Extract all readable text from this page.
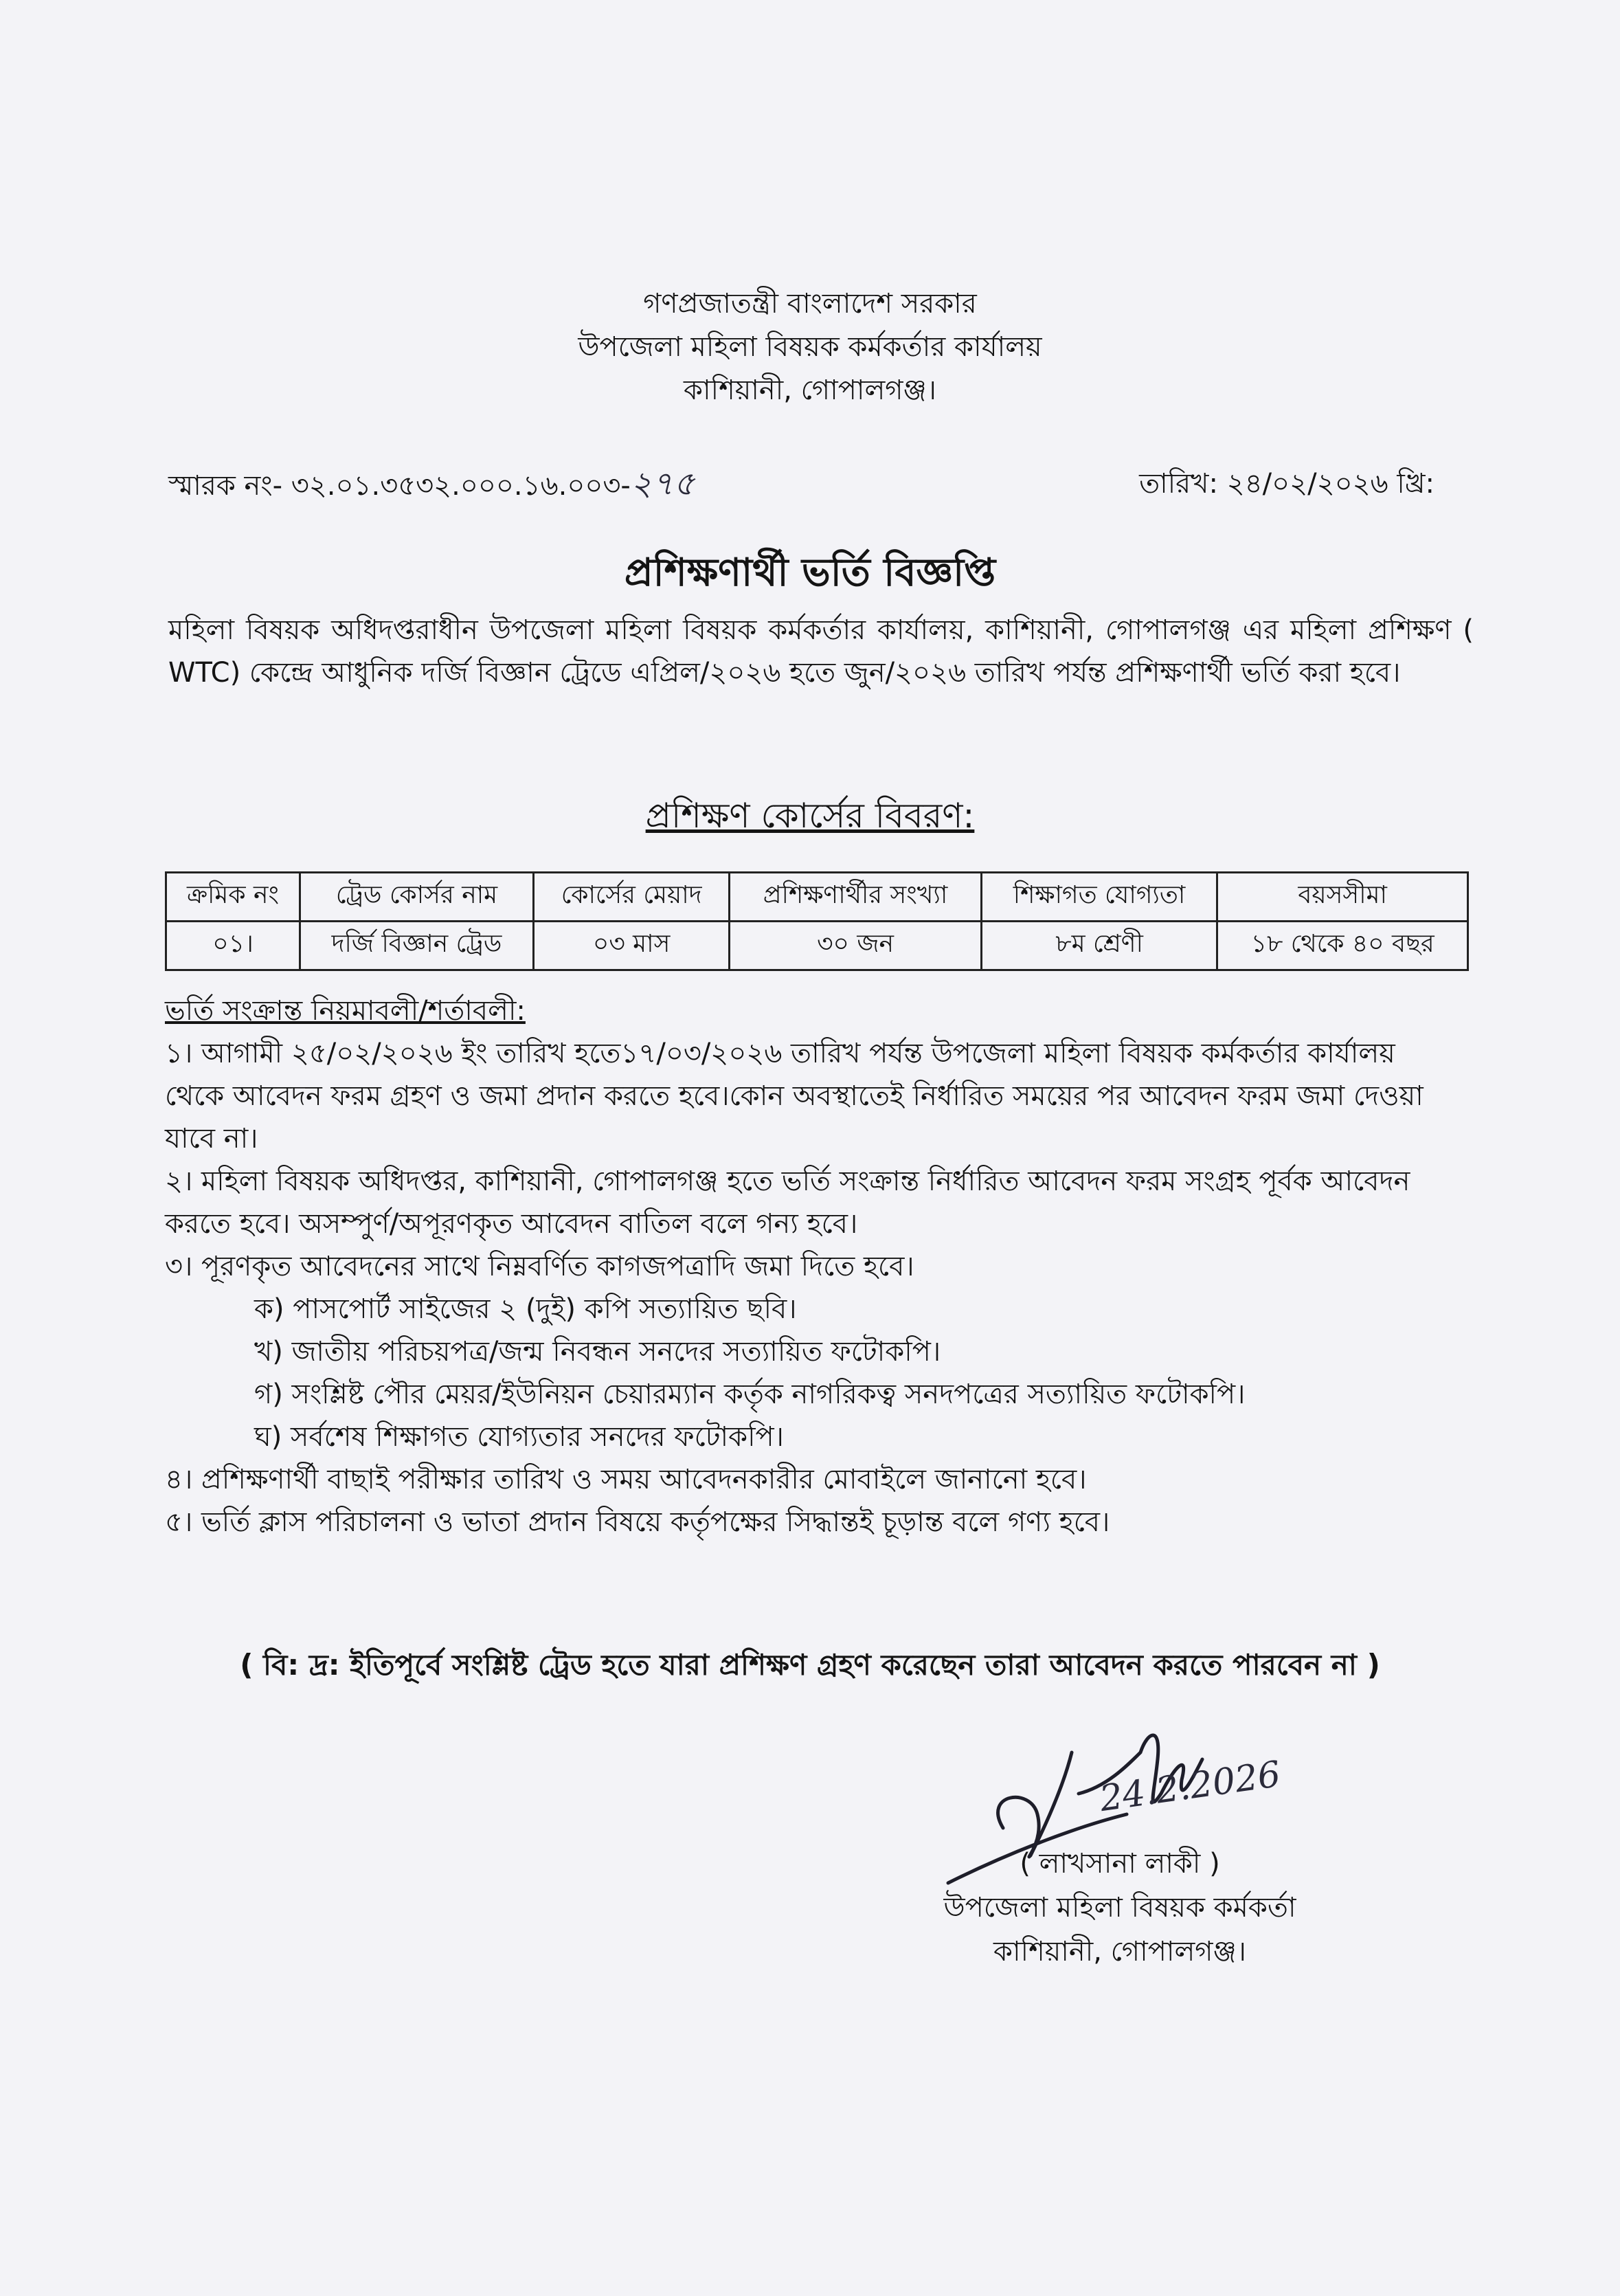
গণপ্রজাতন্ত্রী বাংলাদেশ সরকার
উপজেলা মহিলা বিষয়ক কর্মকর্তার কার্যালয়
কাশিয়ানী, গোপালগঞ্জ।
স্মারক নং- ৩২.০১.৩৫৩২.০০০.১৬.০০৩-২৭৫	তারিখ: ২৪/০২/২০২৬ খ্রি:
প্রশিক্ষণার্থী ভর্তি বিজ্ঞপ্তি
মহিলা বিষয়ক অধিদপ্তরাধীন উপজেলা মহিলা বিষয়ক কর্মকর্তার কার্যালয়, কাশিয়ানী, গোপালগঞ্জ এর মহিলা প্রশিক্ষণ ( WTC) কেন্দ্রে আধুনিক দর্জি বিজ্ঞান ট্রেডে এপ্রিল/২০২৬ হতে জুন/২০২৬ তারিখ পর্যন্ত প্রশিক্ষণার্থী ভর্তি করা হবে।
প্রশিক্ষণ কোর্সের বিবরণ:
ক্রমিক নং	ট্রেড কোর্সর নাম	কোর্সের মেয়াদ	প্রশিক্ষণার্থীর সংখ্যা	শিক্ষাগত যোগ্যতা	বয়সসীমা
০১।	দর্জি বিজ্ঞান ট্রেড	০৩ মাস	৩০ জন	৮ম শ্রেণী	১৮ থেকে ৪০ বছর
ভর্তি সংক্রান্ত নিয়মাবলী/শর্তাবলী:
১। আগামী ২৫/০২/২০২৬ ইং তারিখ হতে১৭/০৩/২০২৬ তারিখ পর্যন্ত উপজেলা মহিলা বিষয়ক কর্মকর্তার কার্যালয় থেকে আবেদন ফরম গ্রহণ ও জমা প্রদান করতে হবে।কোন অবস্থাতেই নির্ধারিত সময়ের পর আবেদন ফরম জমা দেওয়া যাবে না।
২। মহিলা বিষয়ক অধিদপ্তর, কাশিয়ানী, গোপালগঞ্জ হতে ভর্তি সংক্রান্ত নির্ধারিত আবেদন ফরম সংগ্রহ পূর্বক আবেদন করতে হবে। অসম্পুর্ণ/অপূরণকৃত আবেদন বাতিল বলে গন্য হবে।
৩। পূরণকৃত আবেদনের সাথে নিম্নবর্ণিত কাগজপত্রাদি জমা দিতে হবে।
ক) পাসপোর্ট সাইজের ২ (দুই) কপি সত্যায়িত ছবি।
খ) জাতীয় পরিচয়পত্র/জন্ম নিবন্ধন সনদের সত্যায়িত ফটোকপি।
গ) সংশ্লিষ্ট পৌর মেয়র/ইউনিয়ন চেয়ারম্যান কর্তৃক নাগরিকত্ব সনদপত্রের সত্যায়িত ফটোকপি।
ঘ) সর্বশেষ শিক্ষাগত যোগ্যতার সনদের ফটোকপি।
৪। প্রশিক্ষণার্থী বাছাই পরীক্ষার তারিখ ও সময় আবেদনকারীর মোবাইলে জানানো হবে।
৫। ভর্তি ক্লাস পরিচালনা ও ভাতা প্রদান বিষয়ে কর্তৃপক্ষের সিদ্ধান্তই চূড়ান্ত বলে গণ্য হবে।
( বি: দ্র: ইতিপূর্বে সংশ্লিষ্ট ট্রেড হতে যারা প্রশিক্ষণ গ্রহণ করেছেন তারা আবেদন করতে পারবেন না )
24.2.2026
( লাখসানা লাকী )
উপজেলা মহিলা বিষয়ক কর্মকর্তা
কাশিয়ানী, গোপালগঞ্জ।
